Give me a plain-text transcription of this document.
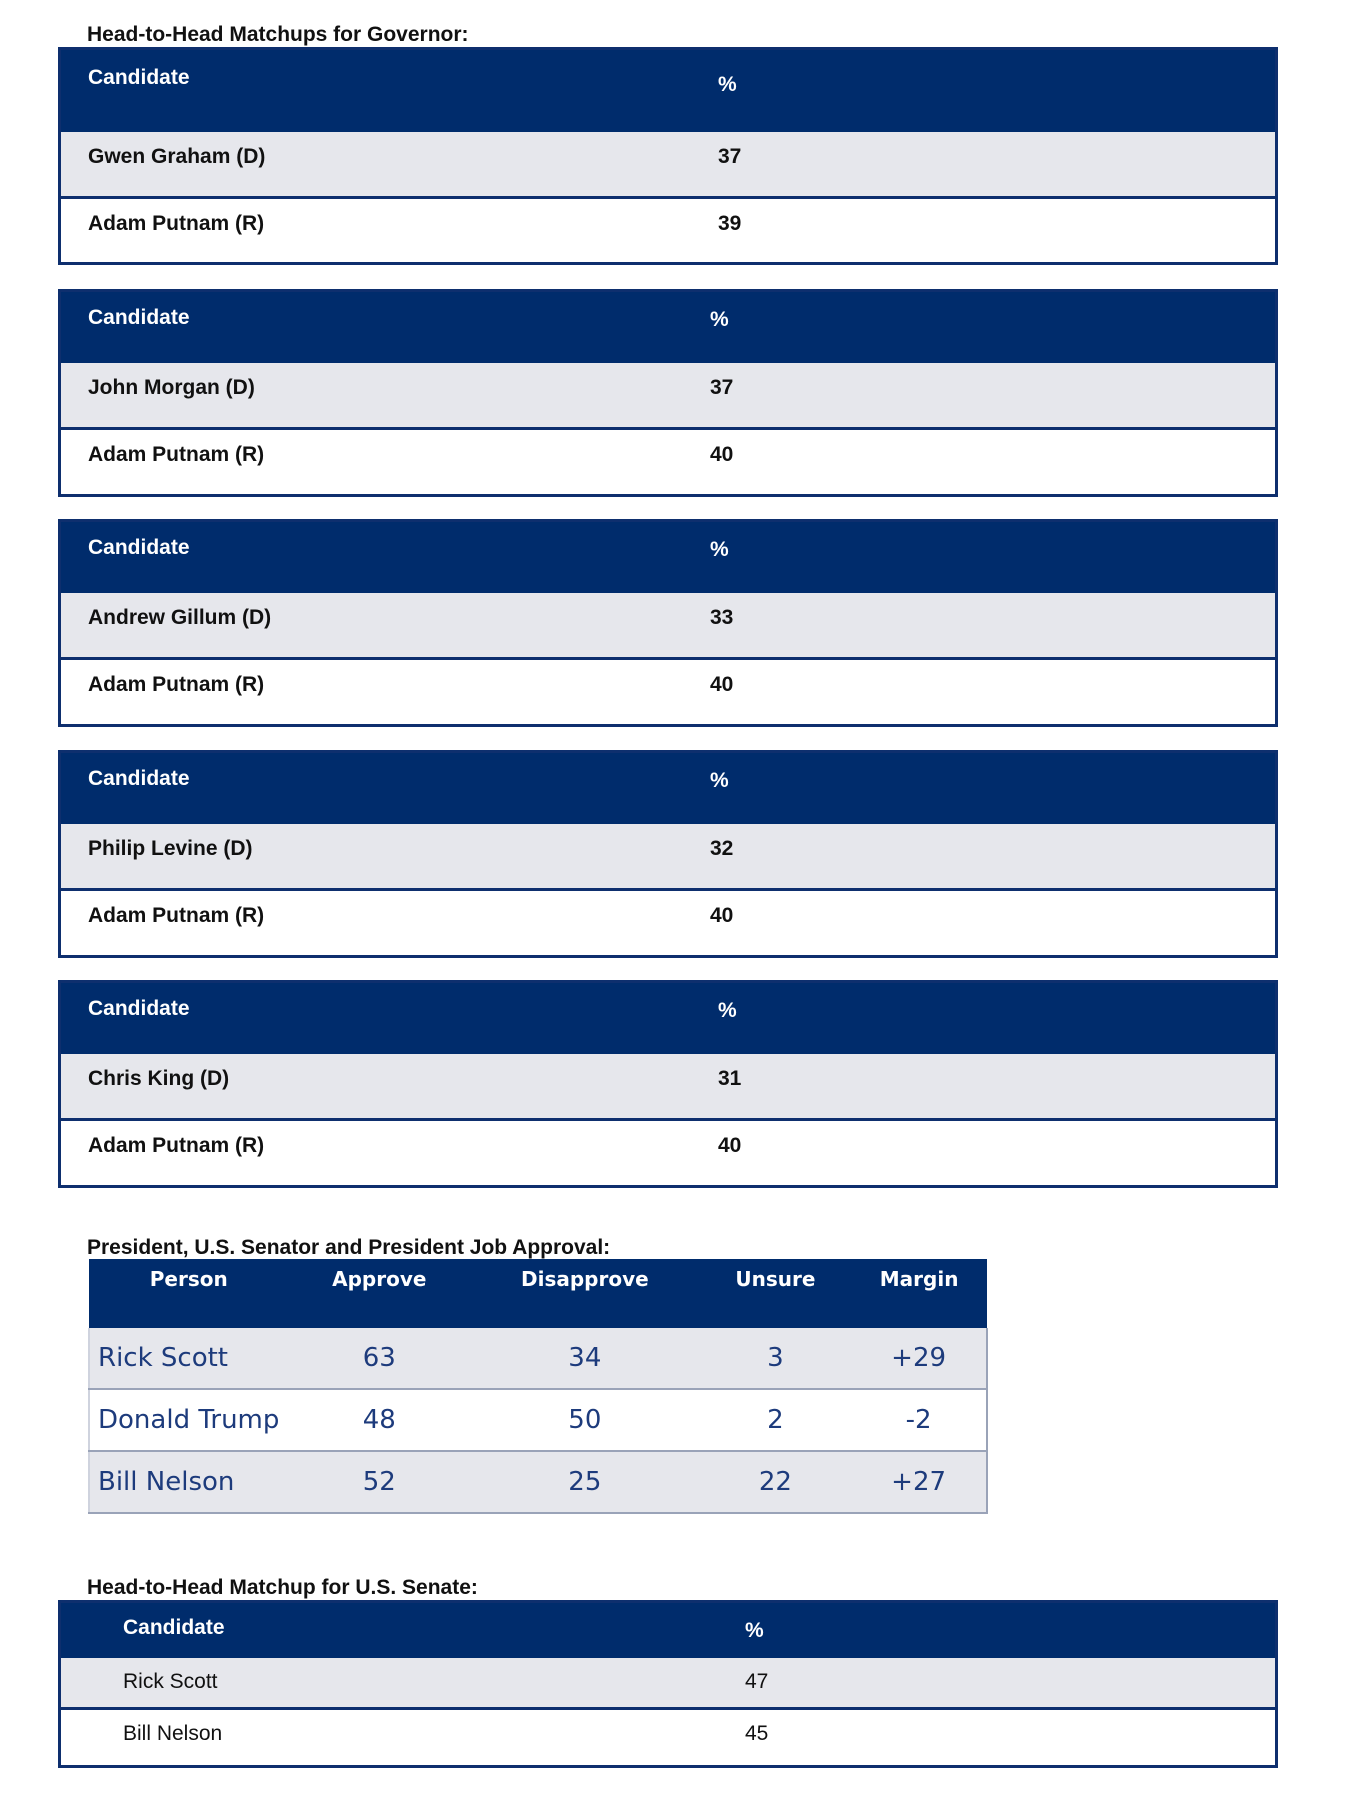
Head-to-Head Matchups for Governor:

Candidate	%
Gwen Graham (D)	37
Adam Putnam (R)	39
Candidate	%
John Morgan (D)	37
Adam Putnam (R)	40
Candidate	%
Andrew Gillum (D)	33
Adam Putnam (R)	40
Candidate	%
Philip Levine (D)	32
Adam Putnam (R)	40
Candidate	%
Chris King (D)	31
Adam Putnam (R)	40

President, U.S. Senator and President Job Approval:

Person	Approve	Disapprove	Unsure	Margin
Rick Scott	63	34	3	+29
Donald Trump	48	50	2	-2
Bill Nelson	52	25	22	+27

Head-to-Head Matchup for U.S. Senate:

Candidate	%
Rick Scott	47
Bill Nelson	45
